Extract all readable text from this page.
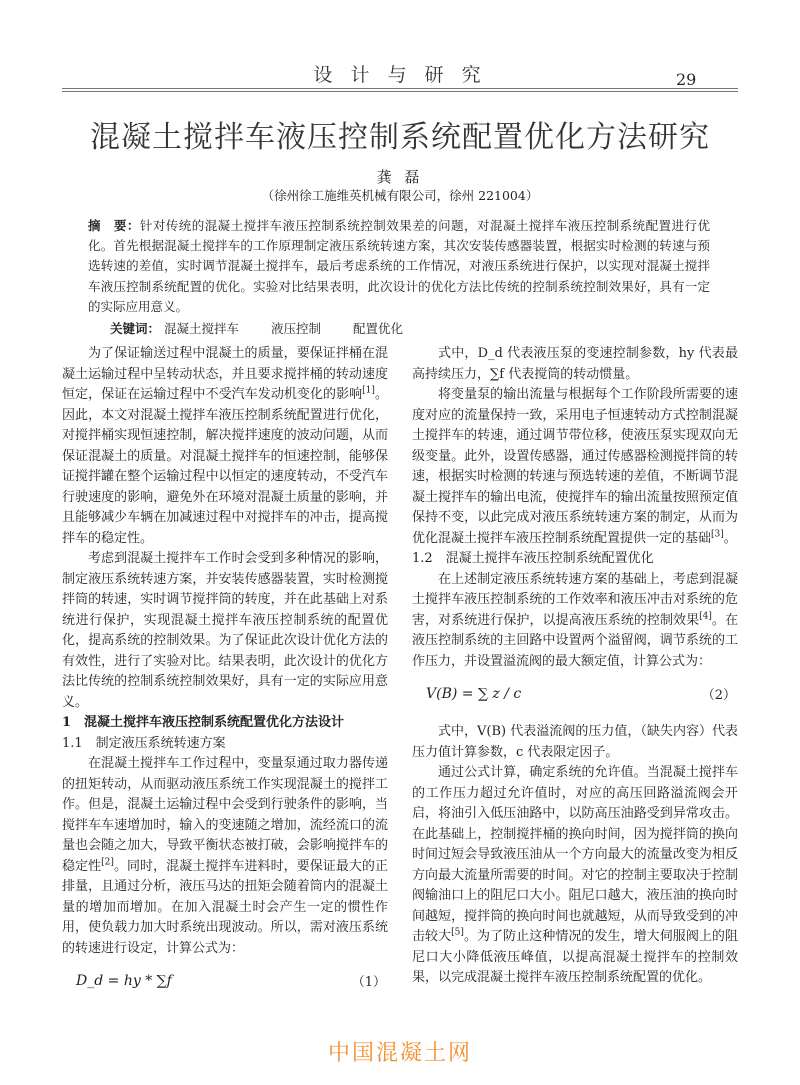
设 计 与 研 究	29
混凝土搅拌车液压控制系统配置优化方法研究
龚 磊
（徐州徐工施维英机械有限公司，徐州 221004）
摘　要：针对传统的混凝土搅拌车液压控制系统控制效果差的问题，对混凝土搅拌车液压控制系统配置进行优化。首先根据混凝土搅拌车的工作原理制定液压系统转速方案，其次安装传感器装置，根据实时检测的转速与预选转速的差值，实时调节混凝土搅拌车，最后考虑系统的工作情况，对液压系统进行保护，以实现对混凝土搅拌车液压控制系统配置的优化。实验对比结果表明，此次设计的优化方法比传统的控制系统控制效果好，具有一定的实际应用意义。
关键词： 混凝土搅拌车	液压控制	配置优化

为了保证输送过程中混凝土的质量，要保证拌桶在混凝土运输过程中呈转动状态，并且要求搅拌桶的转动速度恒定，保证在运输过程中不受汽车发动机变化的影响[1]。因此，本文对混凝土搅拌车液压控制系统配置进行优化，对搅拌桶实现恒速控制，解决搅拌速度的波动问题，从而保证混凝土的质量。对混凝土搅拌车的恒速控制，能够保证搅拌罐在整个运输过程中以恒定的速度转动，不受汽车行驶速度的影响，避免外在环境对混凝土质量的影响，并且能够减少车辆在加减速过程中对搅拌车的冲击，提高搅拌车的稳定性。

考虑到混凝土搅拌车工作时会受到多种情况的影响，制定液压系统转速方案，并安装传感器装置，实时检测搅拌筒的转速，实时调节搅拌筒的转度，并在此基础上对系统进行保护，实现混凝土搅拌车液压控制系统的配置优化，提高系统的控制效果。为了保证此次设计优化方法的有效性，进行了实验对比。结果表明，此次设计的优化方法比传统的控制系统控制效果好，具有一定的实际应用意义。

1　混凝土搅拌车液压控制系统配置优化方法设计

1.1　制定液压系统转速方案

在混凝土搅拌车工作过程中，变量泵通过取力器传递的扭矩转动，从而驱动液压系统工作实现混凝土的搅拌工作。但是，混凝土运输过程中会受到行驶条件的影响，当搅拌车车速增加时，输入的变速随之增加，流经流口的流量也会随之加大，导致平衡状态被打破，会影响搅拌车的稳定性[2]。同时，混凝土搅拌车进料时，要保证最大的正排量，且通过分析，液压马达的扭矩会随着筒内的混凝土量的增加而增加。在加入混凝土时会产生一定的惯性作用，使负载力加大时系统出现波动。所以，需对液压系统的转速进行设定，计算公式为：

D_d = hy * ∑f	（1）

式中，D_d 代表液压泵的变速控制参数，hy 代表最高持续压力，∑f 代表搅筒的转动惯量。

将变量泵的输出流量与根据每个工作阶段所需要的速度对应的流量保持一致，采用电子恒速转动方式控制混凝土搅拌车的转速，通过调节带位移，使液压泵实现双向无级变量。此外，设置传感器，通过传感器检测搅拌筒的转速，根据实时检测的转速与预选转速的差值，不断调节混凝土搅拌车的输出电流，使搅拌车的输出流量按照预定值保持不变，以此完成对液压系统转速方案的制定，从而为优化混凝土搅拌车液压控制系统配置提供一定的基础[3]。

1.2　混凝土搅拌车液压控制系统配置优化

在上述制定液压系统转速方案的基础上，考虑到混凝土搅拌车液压控制系统的工作效率和液压冲击对系统的危害，对系统进行保护，以提高液压系统的控制效果[4]。在液压控制系统的主回路中设置两个溢留阀，调节系统的工作压力，并设置溢流阀的最大额定值，计算公式为：

V(B) = ∑ z / c	（2）

式中，V(B) 代表溢流阀的压力值，（缺失内容）代表压力值计算参数，c 代表限定因子。

通过公式计算，确定系统的允许值。当混凝土搅拌车的工作压力超过允许值时，对应的高压回路溢流阀会开启，将油引入低压油路中，以防高压油路受到异常攻击。在此基础上，控制搅拌桶的换向时间，因为搅拌筒的换向时间过短会导致液压油从一个方向最大的流量改变为相反方向最大流量所需要的时间。对它的控制主要取决于控制阀输油口上的阻尼口大小。阻尼口越大，液压油的换向时间越短，搅拌筒的换向时间也就越短，从而导致受到的冲击较大[5]。为了防止这种情况的发生，增大伺服阀上的阻尼口大小降低液压峰值，以提高混凝土搅拌车的控制效果，以完成混凝土搅拌车液压控制系统配置的优化。

中国混凝土网
